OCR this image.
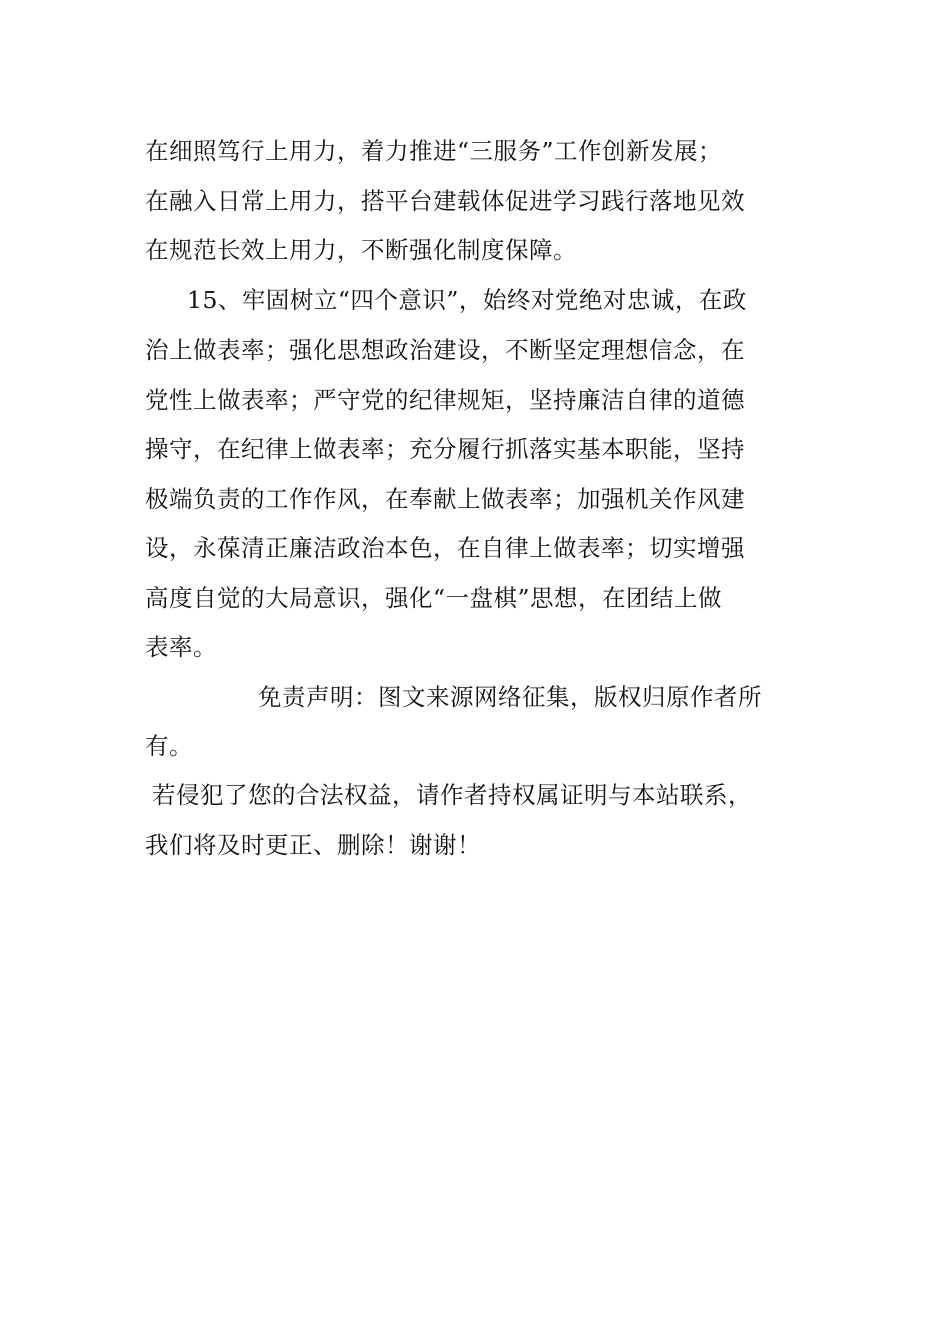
在细照笃行上用力，着力推进“三服务”工作创新发展；
在融入日常上用力，搭平台建载体促进学习践行落地见效
在规范长效上用力，不断强化制度保障。
15、牢固树立“四个意识”，始终对党绝对忠诚，在政
治上做表率；强化思想政治建设，不断坚定理想信念，在
党性上做表率；严守党的纪律规矩，坚持廉洁自律的道德
操守，在纪律上做表率；充分履行抓落实基本职能，坚持
极端负责的工作作风，在奉献上做表率；加强机关作风建
设，永葆清正廉洁政治本色，在自律上做表率；切实增强
高度自觉的大局意识，强化“一盘棋”思想，在团结上做
表率。
免责声明：图文来源网络征集，版权归原作者所
有。
若侵犯了您的合法权益，请作者持权属证明与本站联系，
我们将及时更正、删除！谢谢！
